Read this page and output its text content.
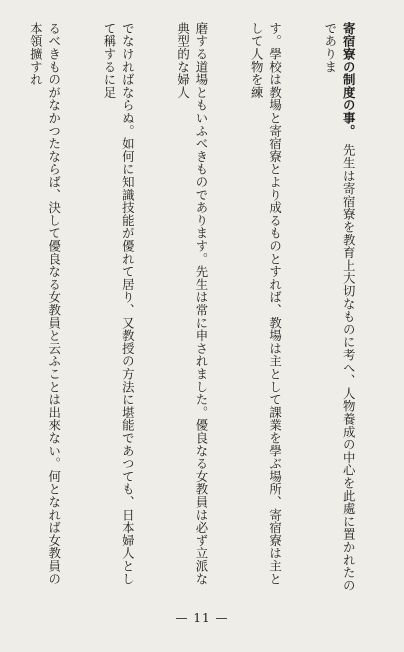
寄宿寮の制度の事。　先生は寄宿寮を教育上大切なものに考へ、人物養成の中心を此處に置かれたのでありま

す。學校は教場と寄宿寮とより成るものとすれば、教場は主として課業を學ぶ場所、寄宿寮は主として人物を練

磨する道場ともいふべきものであります。先生は常に申されました。優良なる女教員は必ず立派な典型的な婦人

でなければならぬ。如何に知識技能が優れて居り、又教授の方法に堪能であつても、日本婦人として稱するに足

るべきものがなかつたならば、決して優良なる女教員と云ふことは出來ない。何となれば女教員の本領擴すれ

— 11 —
